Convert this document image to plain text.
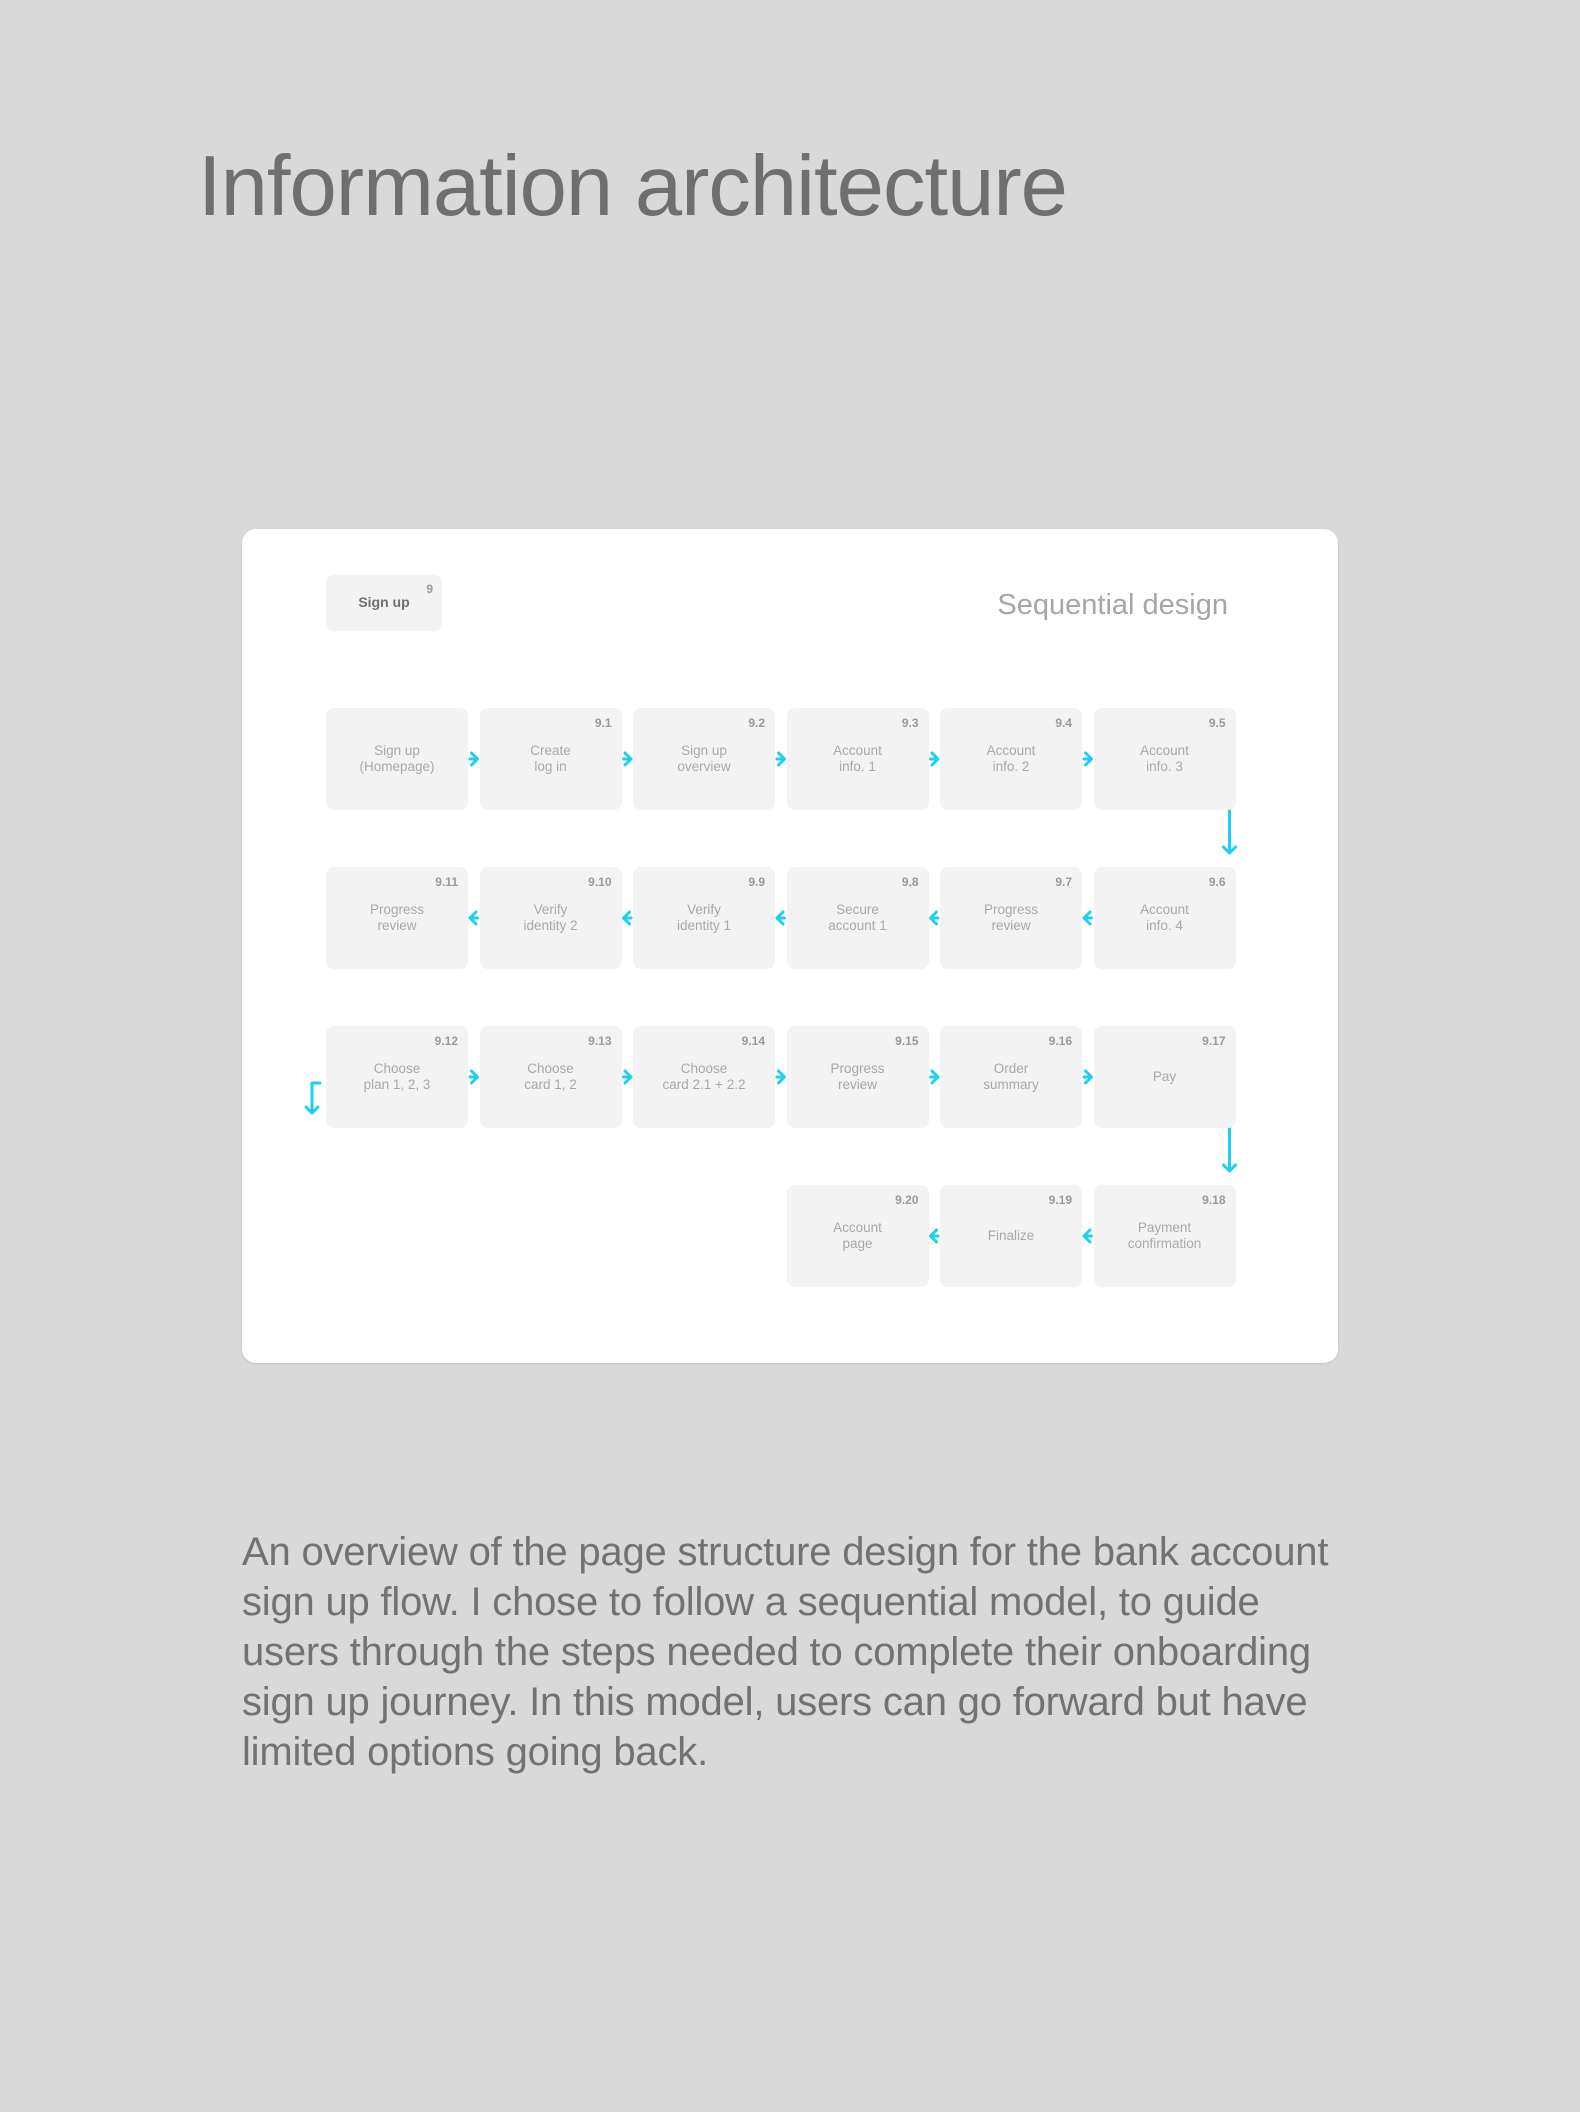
Information architecture
Sign up
9	Sequential design
Sign up
(Homepage)
9.1
Create
log in
9.2
Sign up
overview
9.3
Account
info. 1
9.4
Account
info. 2
9.5
Account
info. 3
9.11
Progress
review
9.10
Verify
identity 2
9.9
Verify
identity 1
9.8
Secure
account 1
9.7
Progress
review
9.6
Account
info. 4
9.12
Choose
plan 1, 2, 3
9.13
Choose
card 1, 2
9.14
Choose
card 2.1 + 2.2
9.15
Progress
review
9.16
Order
summary
9.17
Pay
9.20
Account
page
9.19
Finalize
9.18
Payment
confirmation

An overview of the page structure design for the bank account sign up flow. I chose to follow a sequential model, to guide users through the steps needed to complete their onboarding sign up journey. In this model, users can go forward but have limited options going back.
